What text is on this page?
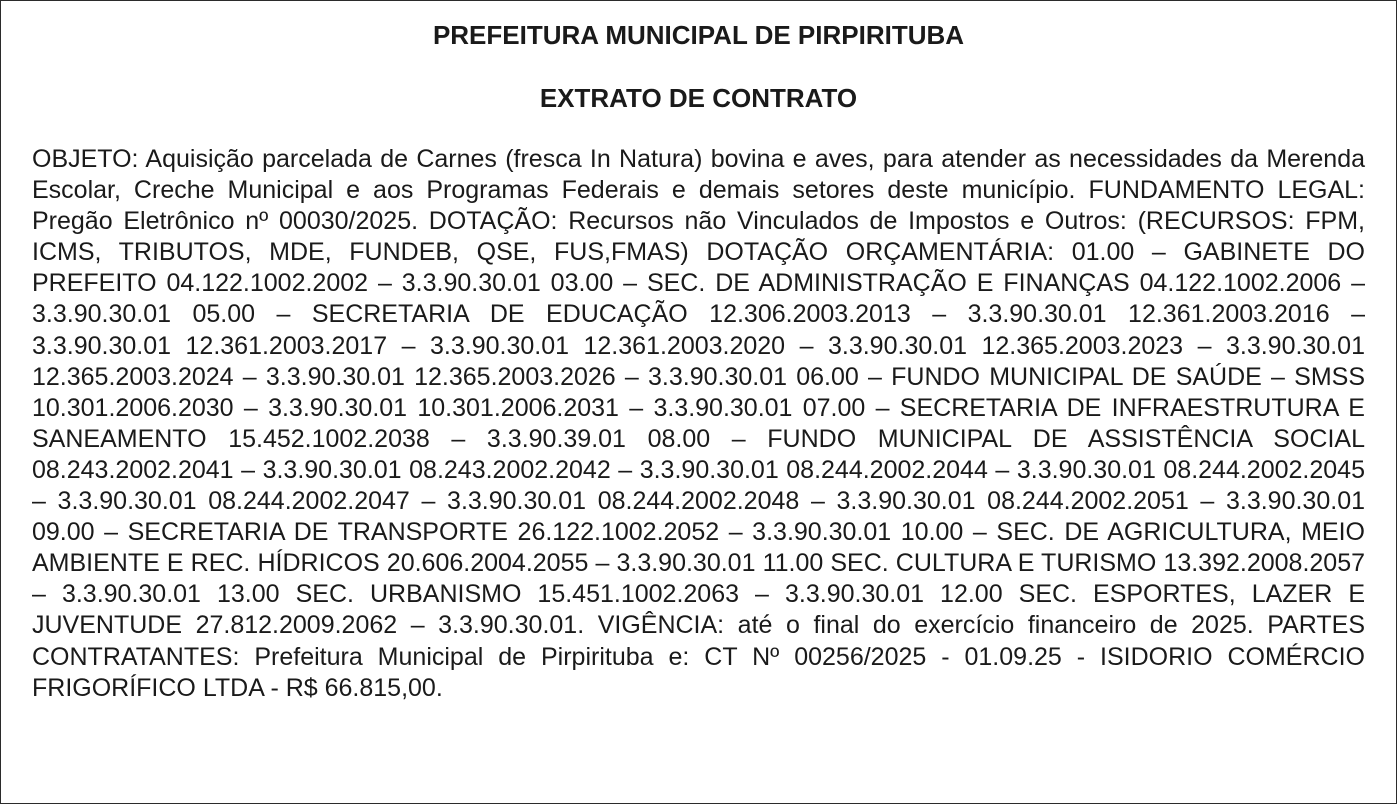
PREFEITURA MUNICIPAL DE PIRPIRITUBA
EXTRATO DE CONTRATO

OBJETO: Aquisição parcelada de Carnes (fresca In Natura) bovina e aves, para atender as necessidades da Merenda Escolar, Creche Municipal e aos Programas Federais e demais setores deste município. FUNDAMENTO LEGAL: Pregão Eletrônico nº 00030/2025. DOTAÇÃO: Recursos não Vinculados de Impostos e Outros: (RECURSOS: FPM, ICMS, TRIBUTOS, MDE, FUNDEB, QSE, FUS,FMAS) DOTAÇÃO ORÇAMENTÁRIA: 01.00 – GABINETE DO PREFEITO 04.122.1002.2002 – 3.3.90.30.01 03.00 – SEC. DE ADMINISTRAÇÃO E FINANÇAS 04.122.1002.2006 – 3.3.90.30.01 05.00 – SECRETARIA DE EDUCAÇÃO 12.306.2003.2013 – 3.3.90.30.01 12.361.2003.2016 – 3.3.90.30.01 12.361.2003.2017 – 3.3.90.30.01 12.361.2003.2020 – 3.3.90.30.01 12.365.2003.2023 – 3.3.90.30.01 12.365.2003.2024 – 3.3.90.30.01 12.365.2003.2026 – 3.3.90.30.01 06.00 – FUNDO MUNICIPAL DE SAÚDE – SMSS 10.301.2006.2030 – 3.3.90.30.01 10.301.2006.2031 – 3.3.90.30.01 07.00 – SECRETARIA DE INFRAESTRUTURA E SANEAMENTO 15.452.1002.2038 – 3.3.90.39.01 08.00 – FUNDO MUNICIPAL DE ASSISTÊNCIA SOCIAL 08.243.2002.2041 – 3.3.90.30.01 08.243.2002.2042 – 3.3.90.30.01 08.244.2002.2044 – 3.3.90.30.01 08.244.2002.2045 – 3.3.90.30.01 08.244.2002.2047 – 3.3.90.30.01 08.244.2002.2048 – 3.3.90.30.01 08.244.2002.2051 – 3.3.90.30.01 09.00 – SECRETARIA DE TRANSPORTE 26.122.1002.2052 – 3.3.90.30.01 10.00 – SEC. DE AGRICULTURA, MEIO AMBIENTE E REC. HÍDRICOS 20.606.2004.2055 – 3.3.90.30.01 11.00 SEC. CULTURA E TURISMO 13.392.2008.2057 – 3.3.90.30.01 13.00 SEC. URBANISMO 15.451.1002.2063 – 3.3.90.30.01 12.00 SEC. ESPORTES, LAZER E JUVENTUDE 27.812.2009.2062 – 3.3.90.30.01. VIGÊNCIA: até o final do exercício financeiro de 2025. PARTES CONTRATANTES: Prefeitura Municipal de Pirpirituba e: CT Nº 00256/2025 - 01.09.25 - ISIDORIO COMÉRCIO FRIGORÍFICO LTDA - R$ 66.815,00.
